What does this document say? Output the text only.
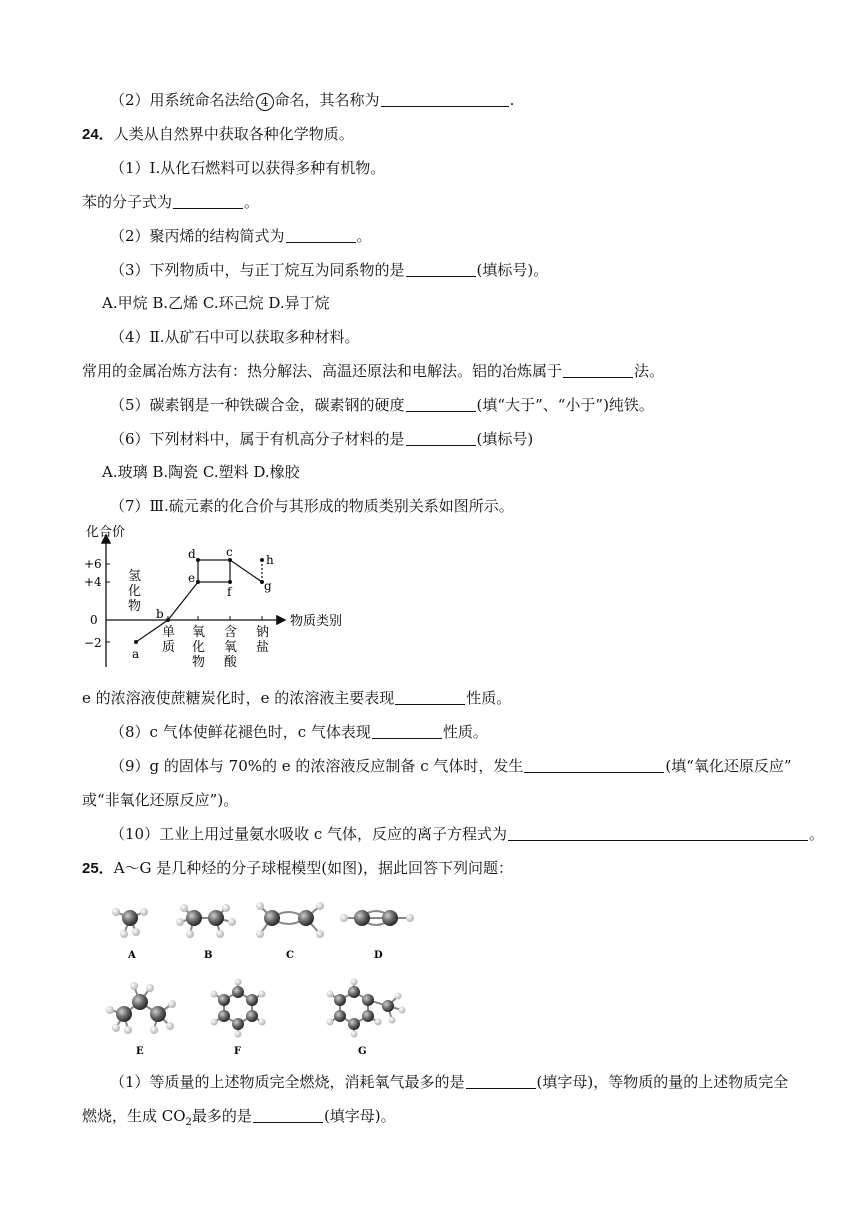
（2）用系统命名法给 4 命名，其名称为	.
24．人类从自然界中获取各种化学物质。
（1）Ⅰ.从化石燃料可以获得多种有机物。
苯的分子式为	。
（2）聚丙烯的结构简式为	。
（3）下列物质中，与正丁烷互为同系物的是	(填标号)。
A.甲烷 B.乙烯 C.环己烷 D.异丁烷
（4）Ⅱ.从矿石中可以获取多种材料。
常用的金属冶炼方法有：热分解法、高温还原法和电解法。铝的冶炼属于	法。
（5）碳素钢是一种铁碳合金，碳素钢的硬度	(填“大于”、“小于”)纯铁。
（6）下列材料中，属于有机高分子材料的是	(填标号)
A.玻璃 B.陶瓷 C.塑料 D.橡胶
（7）Ⅲ.硫元素的化合价与其形成的物质类别关系如图所示。
化合价
物质类别
+6
+4
0
−2
氢 化 物
单 质
氧 化 物
含 氧 酸
钠 盐
a
b
c
d
e
f	g
h
e 的浓溶液使蔗糖炭化时，e 的浓溶液主要表现	性质。
（8）c 气体使鲜花褪色时，c 气体表现	性质。
（9）g 的固体与 70%的 e 的浓溶液反应制备 c 气体时，发生	(填“氧化还原反应”
或“非氧化还原反应”)。
（10）工业上用过量氨水吸收 c 气体，反应的离子方程式为	。
25．A～G 是几种烃的分子球棍模型(如图)，据此回答下列问题：
A	B	C	D
E	F	G
（1）等质量的上述物质完全燃烧，消耗氧气最多的是	(填字母)，等物质的量的上述物质完全
燃烧，生成 $CO_2$最多的是	(填字母)。
